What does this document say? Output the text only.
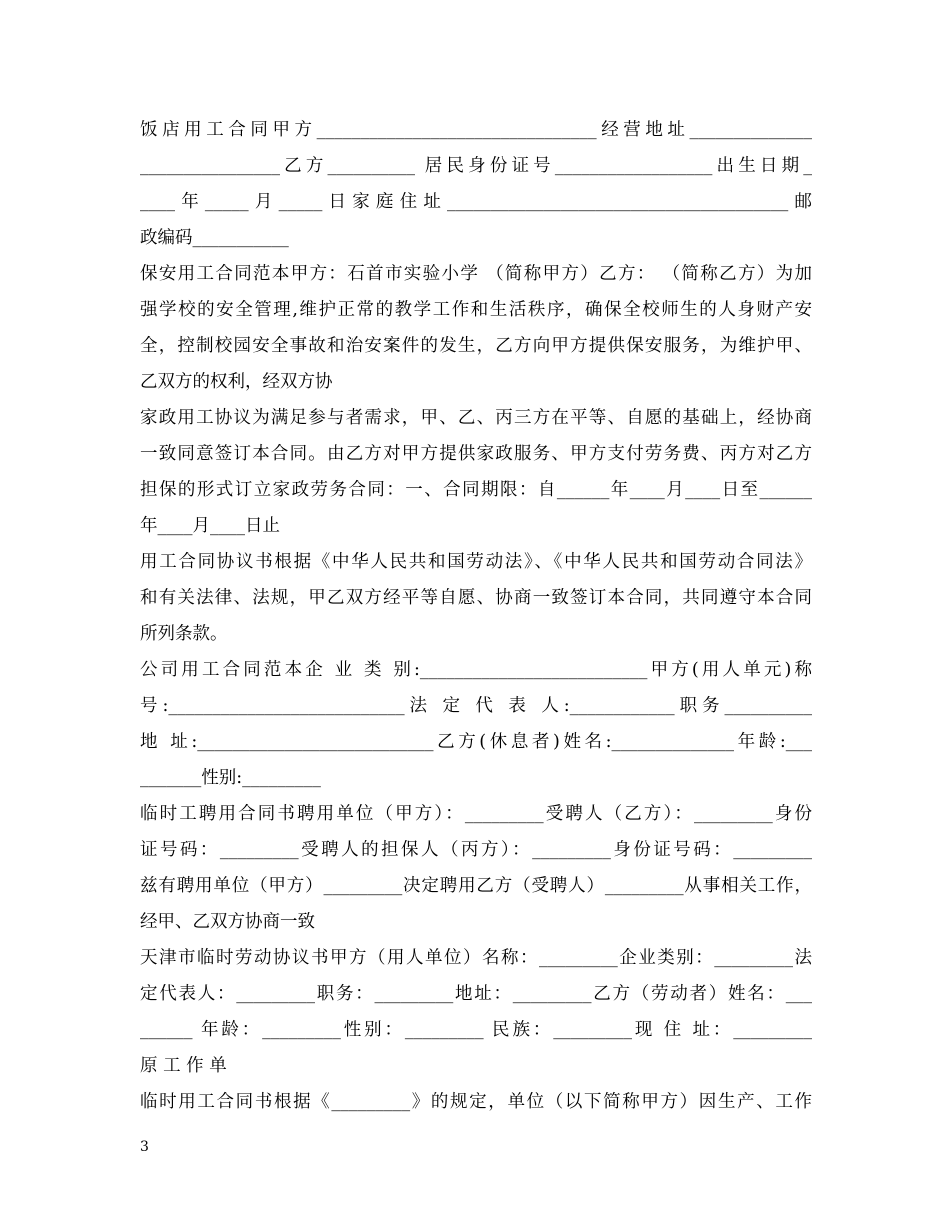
饭店用工合同甲方________________________________经营地址______________
________________乙方__________ 居民身份证号__________________出生日期_
____年_____月_____日家庭住址_______________________________________邮
政编码___________
保安用工合同范本甲方：石首市实验小学 （简称甲方）乙方： （简称乙方）为加
强学校的安全管理,维护正常的教学工作和生活秩序，确保全校师生的人身财产安
全，控制校园安全事故和治安案件的发生，乙方向甲方提供保安服务，为维护甲、
乙双方的权利，经双方协
家政用工协议为满足参与者需求，甲、乙、丙三方在平等、自愿的基础上，经协商
一致同意签订本合同。由乙方对甲方提供家政服务、甲方支付劳务费、丙方对乙方
担保的形式订立家政劳务合同：一、合同期限：自______年____月____日至______
年____月____日止
用工合同协议书根据《中华人民共和国劳动法》、《中华人民共和国劳动合同法》
和有关法律、法规，甲乙双方经平等自愿、协商一致签订本合同，共同遵守本合同
所列条款。
公司用工合同范本企 业 类 别:__________________________甲方(用人单元)称
号:___________________________法 定 代 表 人:____________职务__________
地 址:___________________________乙方(休息者)姓名:______________年龄:___
_______性别:_________
临时工聘用合同书聘用单位（甲方）：_________受聘人（乙方）：_________身份
证号码：_________受聘人的担保人（丙方）：_________身份证号码：_________
兹有聘用单位（甲方）_________决定聘用乙方（受聘人）_________从事相关工作，
经甲、乙双方协商一致
天津市临时劳动协议书甲方（用人单位）名称：_________企业类别：_________法
定代表人：_________职务：_________地址：_________乙方（劳动者）姓名：___
______ 年龄：_________性别：_________ 民族：_________现 住 址：_________
原 工 作 单
临时用工合同书根据《_________》的规定，单位（以下简称甲方）因生产、工作
3
